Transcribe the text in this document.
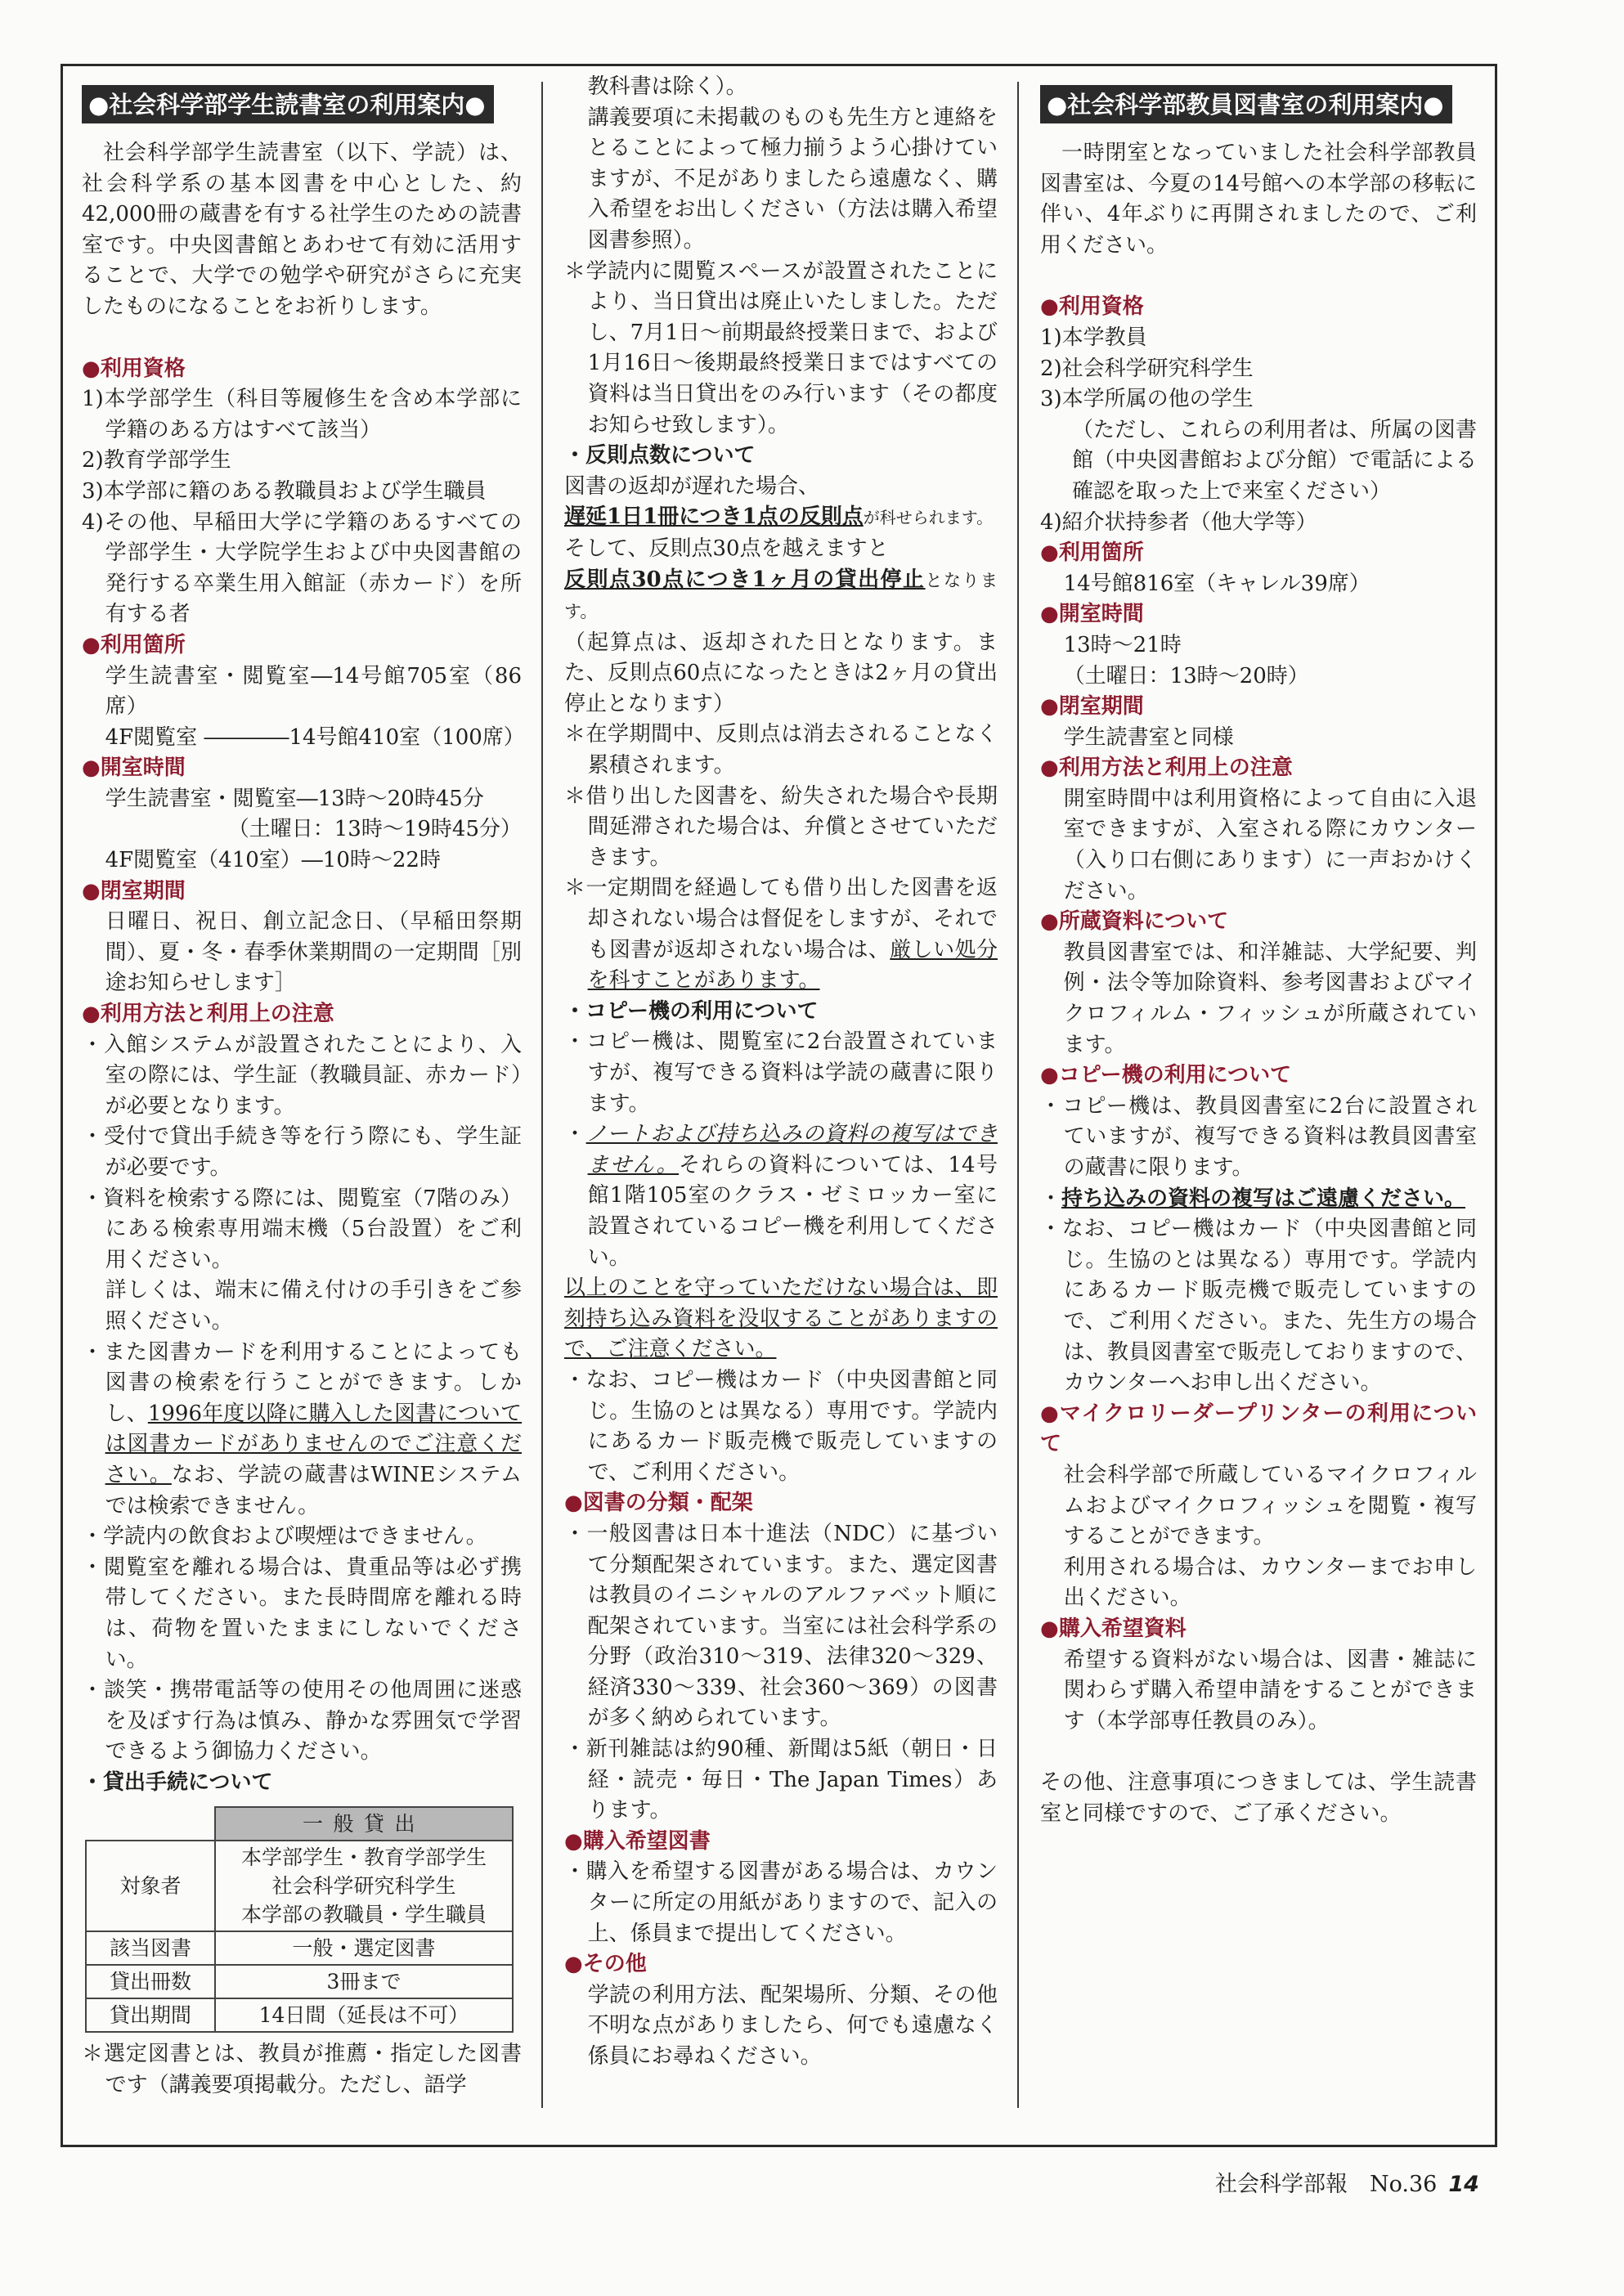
●社会科学部学生読書室の利用案内●

社会科学部学生読書室（以下、学読）は、社会科学系の基本図書を中心とした、約42,000冊の蔵書を有する社学生のための読書室です。中央図書館とあわせて有効に活用することで、大学での勉学や研究がさらに充実したものになることをお祈りします。

● 利用資格

1)本学部学生（科目等履修生を含め本学部に学籍のある方はすべて該当）

2)教育学部学生

3)本学部に籍のある教職員および学生職員

4)その他、早稲田大学に学籍のあるすべての学部学生・大学院学生および中央図書館の発行する卒業生用入館証（赤カード）を所有する者

● 利用箇所

学生読書室・閲覧室―14号館705室（86席）

4F閲覧室 ――――14号館410室（100席）

● 開室時間

学生読書室・閲覧室―13時〜20時45分

（土曜日：13時〜19時45分）

4F閲覧室（410室）―10時〜22時

● 閉室期間

日曜日、祝日、創立記念日、（早稲田祭期間）、夏・冬・春季休業期間の一定期間［別途お知らせします］

● 利用方法と利用上の注意

・ 入館システムが設置されたことにより、入室の際には、学生証（教職員証、赤カード）が必要となります。

・ 受付で貸出手続き等を行う際にも、学生証が必要です。

・ 資料を検索する際には、閲覧室（7階のみ）にある検索専用端末機（5台設置）をご利用ください。

詳しくは、端末に備え付けの手引きをご参照ください。

・ また図書カードを利用することによっても図書の検索を行うことができます。しかし、1996年度以降に購入した図書については図書カードがありませんのでご注意ください。なお、学読の蔵書はWINEシステムでは検索できません。

・ 学読内の飲食および喫煙はできません。

・ 閲覧室を離れる場合は、貴重品等は必ず携帯してください。また長時間席を離れる時は、荷物を置いたままにしないでください。

・ 談笑・携帯電話等の使用その他周囲に迷惑を及ぼす行為は慎み、静かな雰囲気で学習できるよう御協力ください。

・ 貸出手続について
	一般貸出
対象者	本学部学生・教育学部学生
社会科学研究科学生
本学部の教職員・学生職員

該当図書	一般・選定図書
貸出冊数	3冊まで
貸出期間	14日間（延長は不可）

＊ 選定図書とは、教員が推薦・指定した図書です（講義要項掲載分。ただし、語学

教科書は除く）。

講義要項に未掲載のものも先生方と連絡をとることによって極力揃うよう心掛けていますが、不足がありましたら遠慮なく、購入希望をお出しください（方法は購入希望図書参照）。

＊ 学読内に閲覧スペースが設置されたことにより、当日貸出は廃止いたしました。ただし、7月1日〜前期最終授業日まで、および1月16日〜後期最終授業日まではすべての資料は当日貸出をのみ行います（その都度お知らせ致します）。

・ 反則点数について

図書の返却が遅れた場合、

遅延1日1冊につき1点の反則点が科せられます。

そして、反則点30点を越えますと

反則点30点につき1ヶ月の貸出停止となります。

（起算点は、返却された日となります。また、反則点60点になったときは2ヶ月の貸出停止となります）

＊ 在学期間中、反則点は消去されることなく累積されます。

＊ 借り出した図書を、紛失された場合や長期間延滞された場合は、弁償とさせていただきます。

＊ 一定期間を経過しても借り出した図書を返却されない場合は督促をしますが、それでも図書が返却されない場合は、厳しい処分を科すことがあります。

・ コピー機の利用について

・ コピー機は、閲覧室に2台設置されていますが、複写できる資料は学読の蔵書に限ります。

・ ノートおよび持ち込みの資料の複写はできません。それらの資料については、14号館1階105室のクラス・ゼミロッカー室に設置されているコピー機を利用してください。

以上のことを守っていただけない場合は、即刻持ち込み資料を没収することがありますので、ご注意ください。

・ なお、コピー機はカード（中央図書館と同じ。生協のとは異なる）専用です。学読内にあるカード販売機で販売していますので、ご利用ください。

● 図書の分類・配架

・ 一般図書は日本十進法（NDC）に基づいて分類配架されています。また、選定図書は教員のイニシャルのアルファベット順に配架されています。当室には社会科学系の分野（政治310〜319、法律320〜329、経済330〜339、社会360〜369）の図書が多く納められています。

・ 新刊雑誌は約90種、新聞は5紙（朝日・日経・読売・毎日・The Japan Times）あります。

● 購入希望図書

・ 購入を希望する図書がある場合は、カウンターに所定の用紙がありますので、記入の上、係員まで提出してください。

● その他

学読の利用方法、配架場所、分類、その他不明な点がありましたら、何でも遠慮なく係員にお尋ねください。

●社会科学部教員図書室の利用案内●

一時閉室となっていました社会科学部教員図書室は、今夏の14号館への本学部の移転に伴い、4年ぶりに再開されましたので、ご利用ください。

● 利用資格

1)本学教員

2)社会科学研究科学生

3)本学所属の他の学生

（ただし、これらの利用者は、所属の図書館（中央図書館および分館）で電話による確認を取った上で来室ください）

4)紹介状持参者（他大学等）

● 利用箇所

14号館816室（キャレル39席）

● 開室時間

13時〜21時

（土曜日：13時〜20時）

● 閉室期間

学生読書室と同様

● 利用方法と利用上の注意

開室時間中は利用資格によって自由に入退室できますが、入室される際にカウンター（入り口右側にあります）に一声おかけください。

● 所蔵資料について

教員図書室では、和洋雑誌、大学紀要、判例・法令等加除資料、参考図書およびマイクロフィルム・フィッシュが所蔵されています。

● コピー機の利用について

・ コピー機は、教員図書室に2台に設置されていますが、複写できる資料は教員図書室の蔵書に限ります。

・ 持ち込みの資料の複写はご遠慮ください。

・ なお、コピー機はカード（中央図書館と同じ。生協のとは異なる）専用です。学読内にあるカード販売機で販売していますので、ご利用ください。また、先生方の場合は、教員図書室で販売しておりますので、カウンターへお申し出ください。

● マイクロリーダープリンターの利用について

社会科学部で所蔵しているマイクロフィルムおよびマイクロフィッシュを閲覧・複写することができます。

利用される場合は、カウンターまでお申し出ください。

● 購入希望資料

希望する資料がない場合は、図書・雑誌に関わらず購入希望申請をすることができます（本学部専任教員のみ）。

その他、注意事項につきましては、学生読書室と同様ですので、ご了承ください。

社会科学部報　No.36 14
